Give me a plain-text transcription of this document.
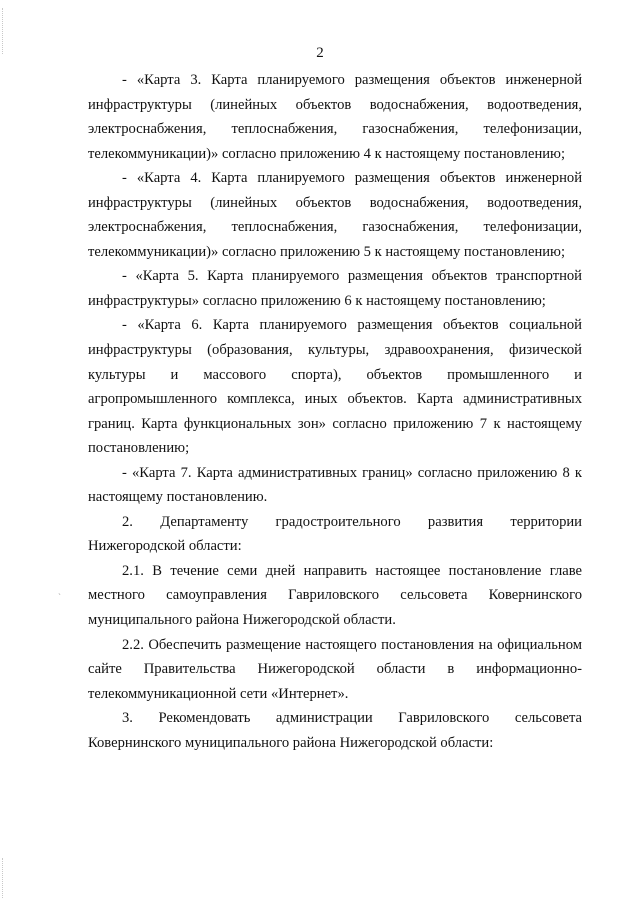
2

- «Карта 3. Карта планируемого размещения объектов инженерной инфраструктуры (линейных объектов водоснабжения, водоотведения, электроснабжения, теплоснабжения, газоснабжения, телефонизации, телекоммуникации)» согласно приложению 4 к настоящему постановлению;

- «Карта 4. Карта планируемого размещения объектов инженерной инфраструктуры (линейных объектов водоснабжения, водоотведения, электроснабжения, теплоснабжения, газоснабжения, телефонизации, телекоммуникации)» согласно приложению 5 к настоящему постановлению;

- «Карта 5. Карта планируемого размещения объектов транспортной инфраструктуры» согласно приложению 6 к настоящему постановлению;

- «Карта 6. Карта планируемого размещения объектов социальной инфраструктуры (образования, культуры, здравоохранения, физической культуры и массового спорта), объектов промышленного и агропромышленного комплекса, иных объектов. Карта административных границ. Карта функциональных зон» согласно приложению 7 к настоящему постановлению;

- «Карта 7. Карта административных границ» согласно приложению 8 к настоящему постановлению.

2. Департаменту градостроительного развития территории Нижегородской области:

2.1. В течение семи дней направить настоящее постановление главе местного самоуправления Гавриловского сельсовета Ковернинского муниципального района Нижегородской области.

2.2. Обеспечить размещение настоящего постановления на официальном сайте Правительства Нижегородской области в информационно-телекоммуникационной сети «Интернет».

3. Рекомендовать администрации Гавриловского сельсовета Ковернинского муниципального района Нижегородской области:

`
